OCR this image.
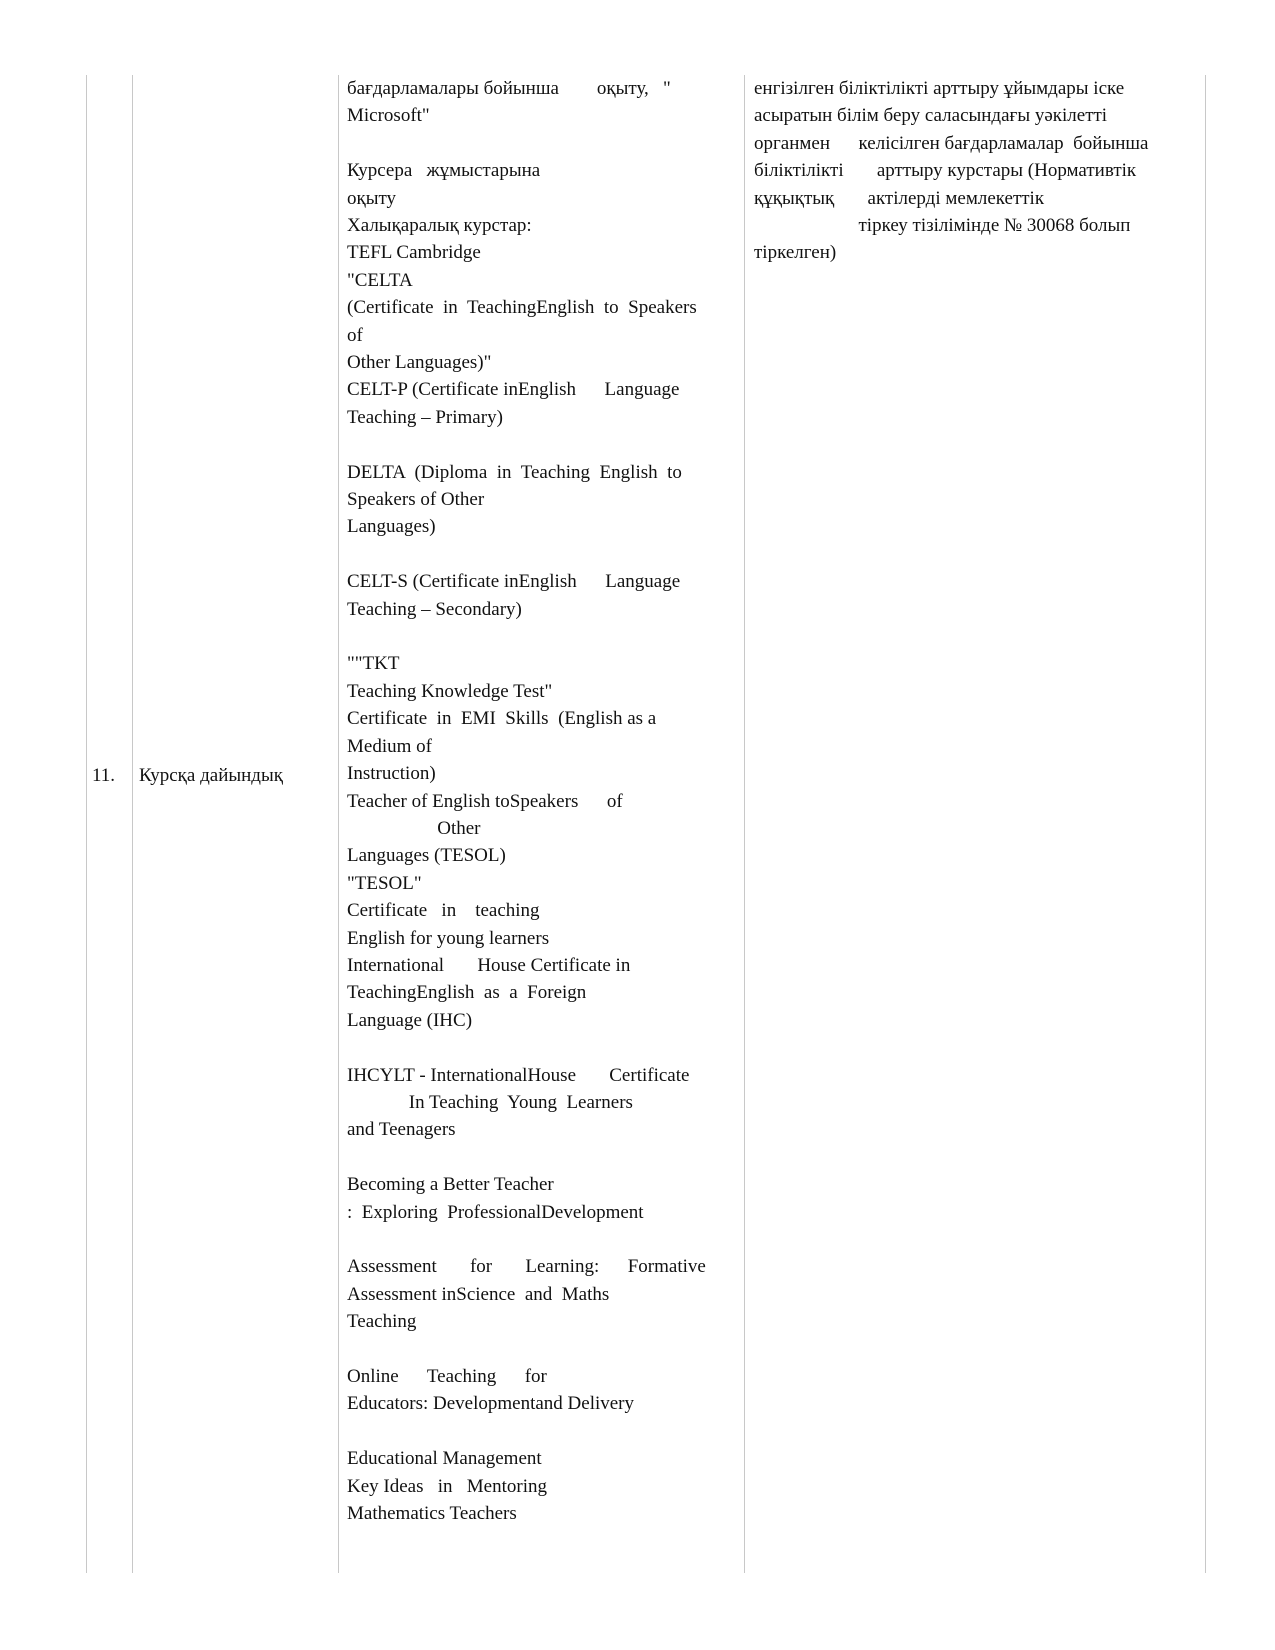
11. Курсқа дайындық
бағдарламалары бойынша        оқыту,   "
Microsoft"
Курсера   жұмыстарына
оқыту
Халықаралық курстар:
TEFL Cambridge
"CELTA
(Certificate  in  TeachingEnglish  to  Speakers
of
Other Languages)"
CELT-P (Certificate inEnglish      Language
Teaching – Primary)
DELTA  (Diploma  in  Teaching  English  to
Speakers of Other
Languages)
CELT-S (Certificate inEnglish      Language
Teaching – Secondary)
""TKT
Teaching Knowledge Test"
Certificate  in  EMI  Skills  (English as a
Medium of
Instruction)
Teacher of English toSpeakers      of
Other
Languages (TESOL)
"TESOL"
Certificate   in    teaching
English for young learners
International       House Certificate in
TeachingEnglish  as  a  Foreign
Language (IHC)
IHCYLT - InternationalHouse       Certificate
In Teaching  Young  Learners
and Teenagers
Becoming a Better Teacher
:  Exploring  ProfessionalDevelopment
Assessment       for       Learning:      Formative
Assessment inScience  and  Maths
Teaching
Online      Teaching      for
Educators: Developmentand Delivery
Educational Management
Key Ideas   in   Mentoring
Mathematics Teachers
енгізілген біліктілікті арттыру ұйымдары іске
асыратын білім беру саласындағы уәкілетті
органмен      келісілген бағдарламалар  бойынша
біліктілікті       арттыру курстары (Нормативтік
құқықтық       актілерді мемлекеттік
тіркеу тізілімінде № 30068 болып
тіркелген)
